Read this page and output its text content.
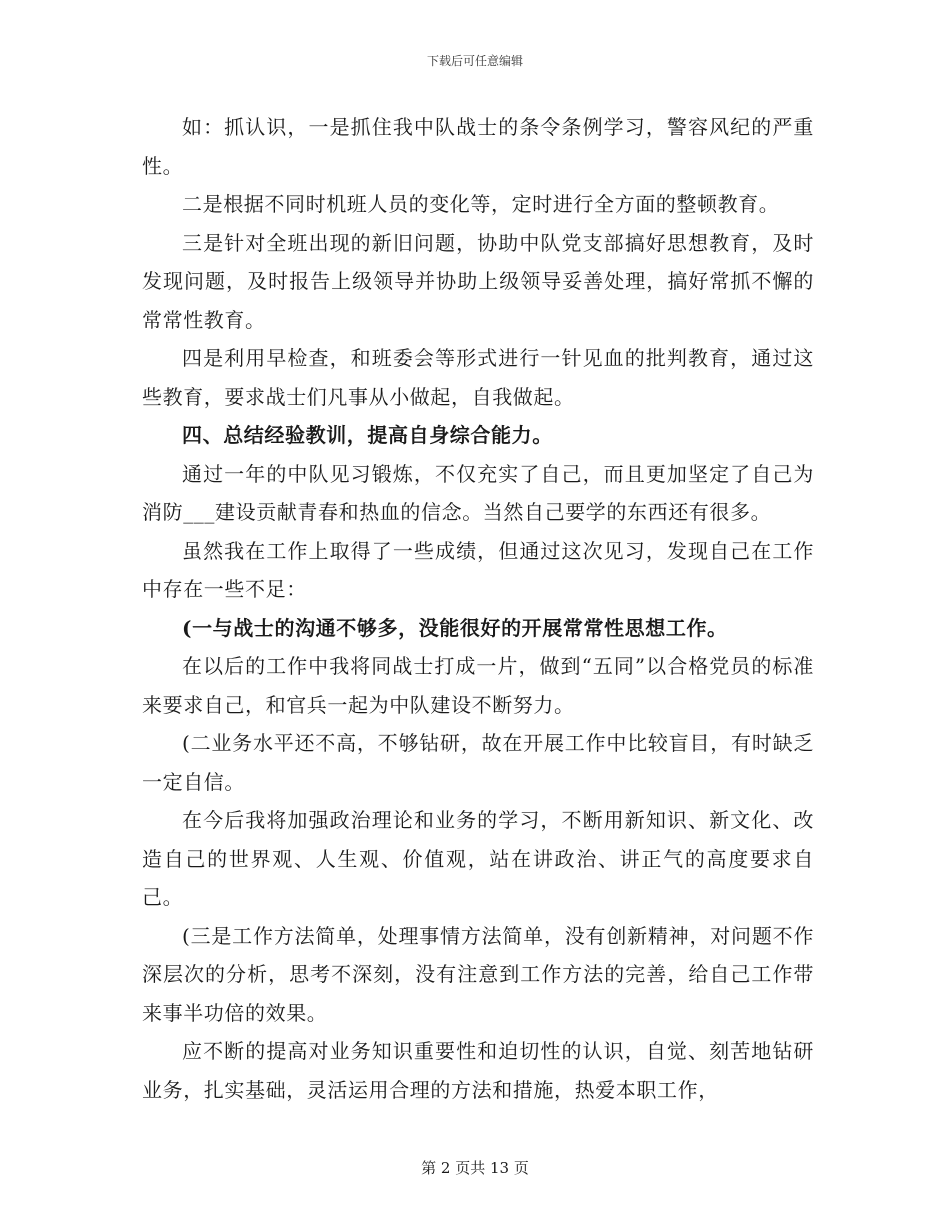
下载后可任意编辑

如：抓认识，一是抓住我中队战士的条令条例学习，警容风纪的严重性。

二是根据不同时机班人员的变化等，定时进行全方面的整顿教育。

三是针对全班出现的新旧问题，协助中队党支部搞好思想教育，及时发现问题，及时报告上级领导并协助上级领导妥善处理，搞好常抓不懈的常常性教育。

四是利用早检查，和班委会等形式进行一针见血的批判教育，通过这些教育，要求战士们凡事从小做起，自我做起。

四、总结经验教训，提高自身综合能力。

通过一年的中队见习锻炼，不仅充实了自己，而且更加坚定了自己为消防___建设贡献青春和热血的信念。当然自己要学的东西还有很多。

虽然我在工作上取得了一些成绩，但通过这次见习，发现自己在工作中存在一些不足：

(一与战士的沟通不够多，没能很好的开展常常性思想工作。

在以后的工作中我将同战士打成一片，做到“五同”以合格党员的标准来要求自己，和官兵一起为中队建设不断努力。

(二业务水平还不高，不够钻研，故在开展工作中比较盲目，有时缺乏一定自信。

在今后我将加强政治理论和业务的学习，不断用新知识、新文化、改造自己的世界观、人生观、价值观，站在讲政治、讲正气的高度要求自己。

(三是工作方法简单，处理事情方法简单，没有创新精神，对问题不作深层次的分析，思考不深刻，没有注意到工作方法的完善，给自己工作带来事半功倍的效果。

应不断的提高对业务知识重要性和迫切性的认识，自觉、刻苦地钻研业务，扎实基础，灵活运用合理的方法和措施，热爱本职工作，

第 2 页共 13 页
